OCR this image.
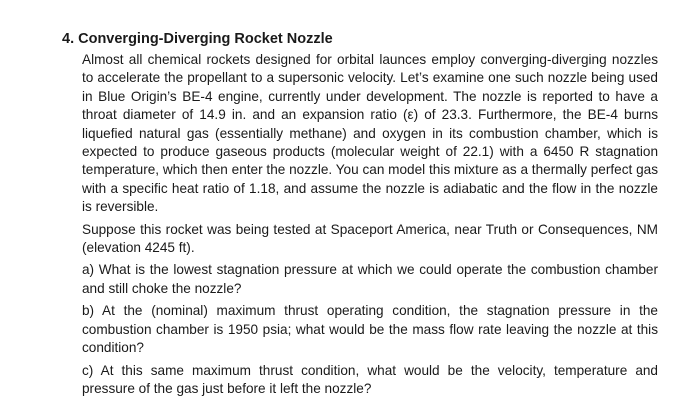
4. Converging-Diverging Rocket Nozzle

Almost all chemical rockets designed for orbital launces employ converging-diverging nozzles to accelerate the propellant to a supersonic velocity. Let’s examine one such nozzle being used in Blue Origin’s BE-4 engine, currently under development. The nozzle is reported to have a throat diameter of 14.9 in. and an expansion ratio (ε) of 23.3. Furthermore, the BE-4 burns liquefied natural gas (essentially methane) and oxygen in its combustion chamber, which is expected to produce gaseous products (molecular weight of 22.1) with a 6450 R stagnation temperature, which then enter the nozzle. You can model this mixture as a thermally perfect gas with a specific heat ratio of 1.18, and assume the nozzle is adiabatic and the flow in the nozzle is reversible.

Suppose this rocket was being tested at Spaceport America, near Truth or Consequences, NM (elevation 4245 ft).

a) What is the lowest stagnation pressure at which we could operate the combustion chamber and still choke the nozzle?

b) At the (nominal) maximum thrust operating condition, the stagnation pressure in the combustion chamber is 1950 psia; what would be the mass flow rate leaving the nozzle at this condition?

c) At this same maximum thrust condition, what would be the velocity, temperature and pressure of the gas just before it left the nozzle?
